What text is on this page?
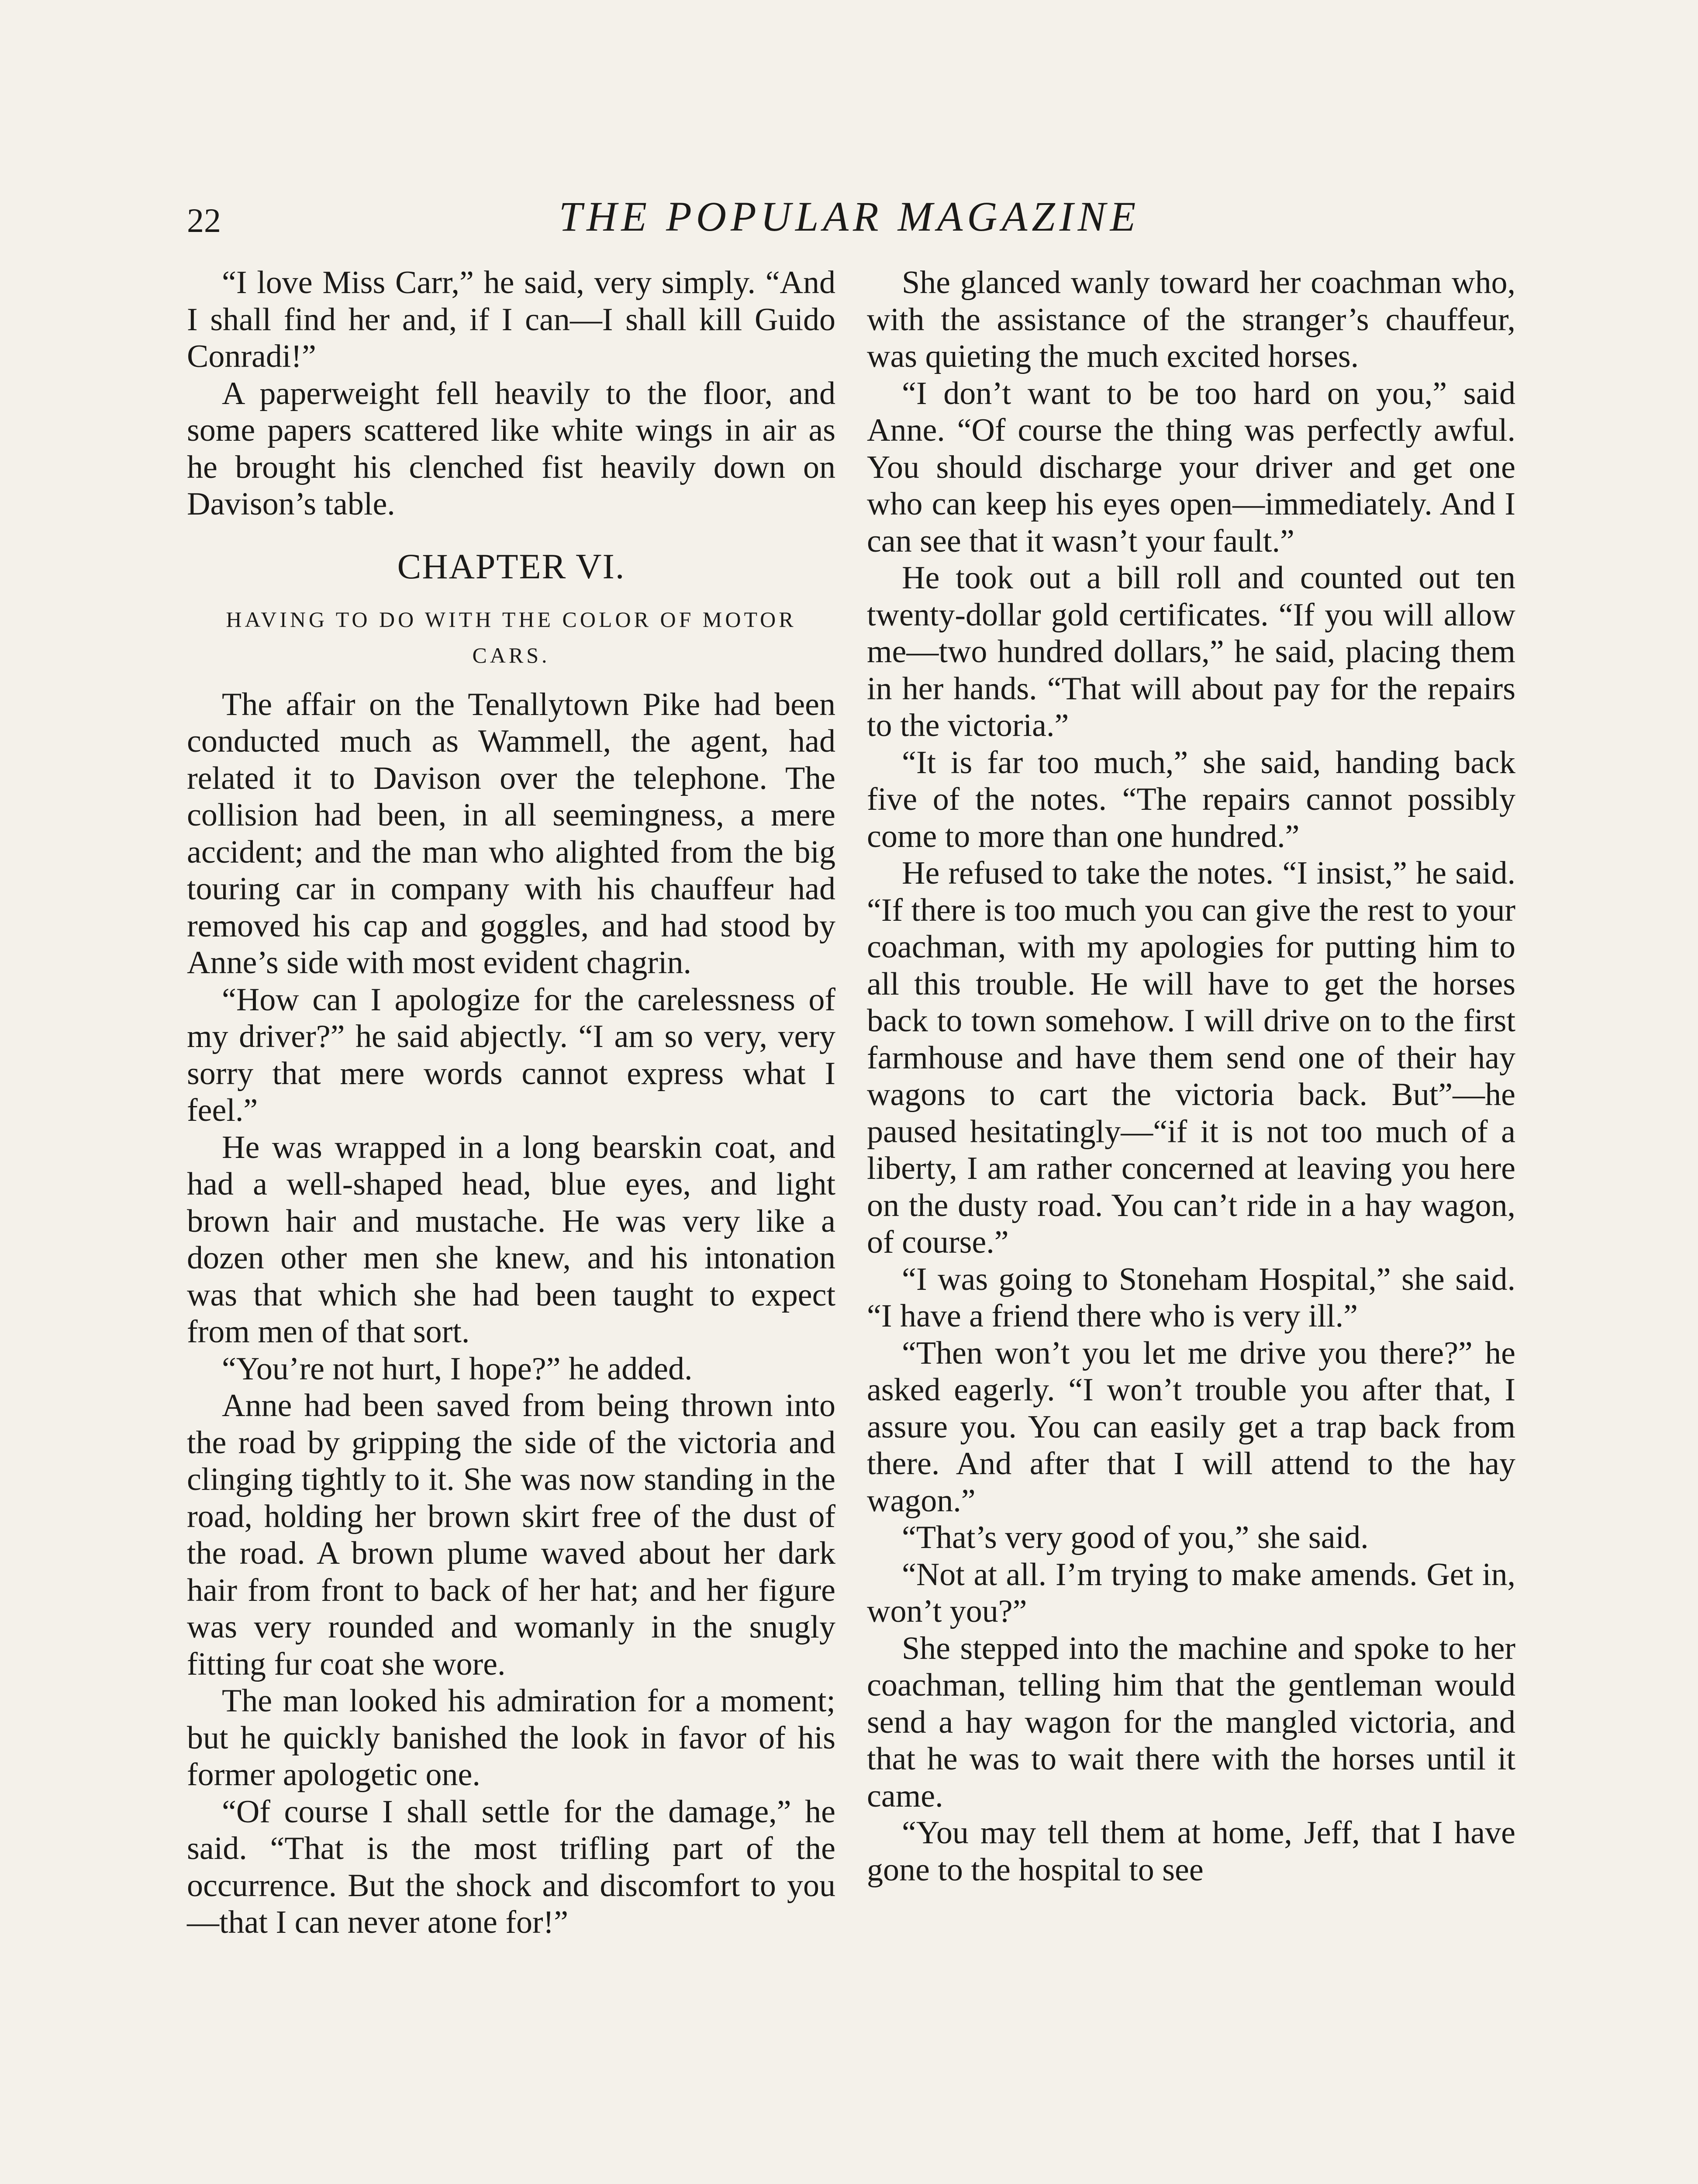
22	THE POPULAR MAGAZINE

“I love Miss Carr,” he said, very simply. “And I shall find her and, if I can—I shall kill Guido Conradi!”

A paperweight fell heavily to the floor, and some papers scattered like white wings in air as he brought his clenched fist heavily down on Davison’s table.

CHAPTER VI.
HAVING TO DO WITH THE COLOR OF MOTOR CARS.

The affair on the Tenallytown Pike had been conducted much as Wammell, the agent, had related it to Davison over the telephone. The collision had been, in all seemingness, a mere accident; and the man who alighted from the big touring car in company with his chauffeur had removed his cap and goggles, and had stood by Anne’s side with most evident chagrin.

“How can I apologize for the carelessness of my driver?” he said abjectly. “I am so very, very sorry that mere words cannot express what I feel.”

He was wrapped in a long bearskin coat, and had a well-shaped head, blue eyes, and light brown hair and mustache. He was very like a dozen other men she knew, and his intonation was that which she had been taught to expect from men of that sort.

“You’re not hurt, I hope?” he added.

Anne had been saved from being thrown into the road by gripping the side of the victoria and clinging tightly to it. She was now standing in the road, holding her brown skirt free of the dust of the road. A brown plume waved about her dark hair from front to back of her hat; and her figure was very rounded and womanly in the snugly fitting fur coat she wore.

The man looked his admiration for a moment; but he quickly banished the look in favor of his former apologetic one.

“Of course I shall settle for the damage,” he said. “That is the most trifling part of the occurrence. But the shock and discomfort to you—that I can never atone for!”

She glanced wanly toward her coachman who, with the assistance of the stranger’s chauffeur, was quieting the much excited horses.

“I don’t want to be too hard on you,” said Anne. “Of course the thing was perfectly awful. You should discharge your driver and get one who can keep his eyes open—immediately. And I can see that it wasn’t your fault.”

He took out a bill roll and counted out ten twenty-dollar gold certificates. “If you will allow me—two hundred dollars,” he said, placing them in her hands. “That will about pay for the repairs to the victoria.”

“It is far too much,” she said, handing back five of the notes. “The repairs cannot possibly come to more than one hundred.”

He refused to take the notes. “I insist,” he said. “If there is too much you can give the rest to your coachman, with my apologies for putting him to all this trouble. He will have to get the horses back to town somehow. I will drive on to the first farmhouse and have them send one of their hay wagons to cart the victoria back. But”—he paused hesitatingly—“if it is not too much of a liberty, I am rather concerned at leaving you here on the dusty road. You can’t ride in a hay wagon, of course.”

“I was going to Stoneham Hospital,” she said. “I have a friend there who is very ill.”

“Then won’t you let me drive you there?” he asked eagerly. “I won’t trouble you after that, I assure you. You can easily get a trap back from there. And after that I will attend to the hay wagon.”

“That’s very good of you,” she said.

“Not at all. I’m trying to make amends. Get in, won’t you?”

She stepped into the machine and spoke to her coachman, telling him that the gentleman would send a hay wagon for the mangled victoria, and that he was to wait there with the horses until it came.

“You may tell them at home, Jeff, that I have gone to the hospital to see
